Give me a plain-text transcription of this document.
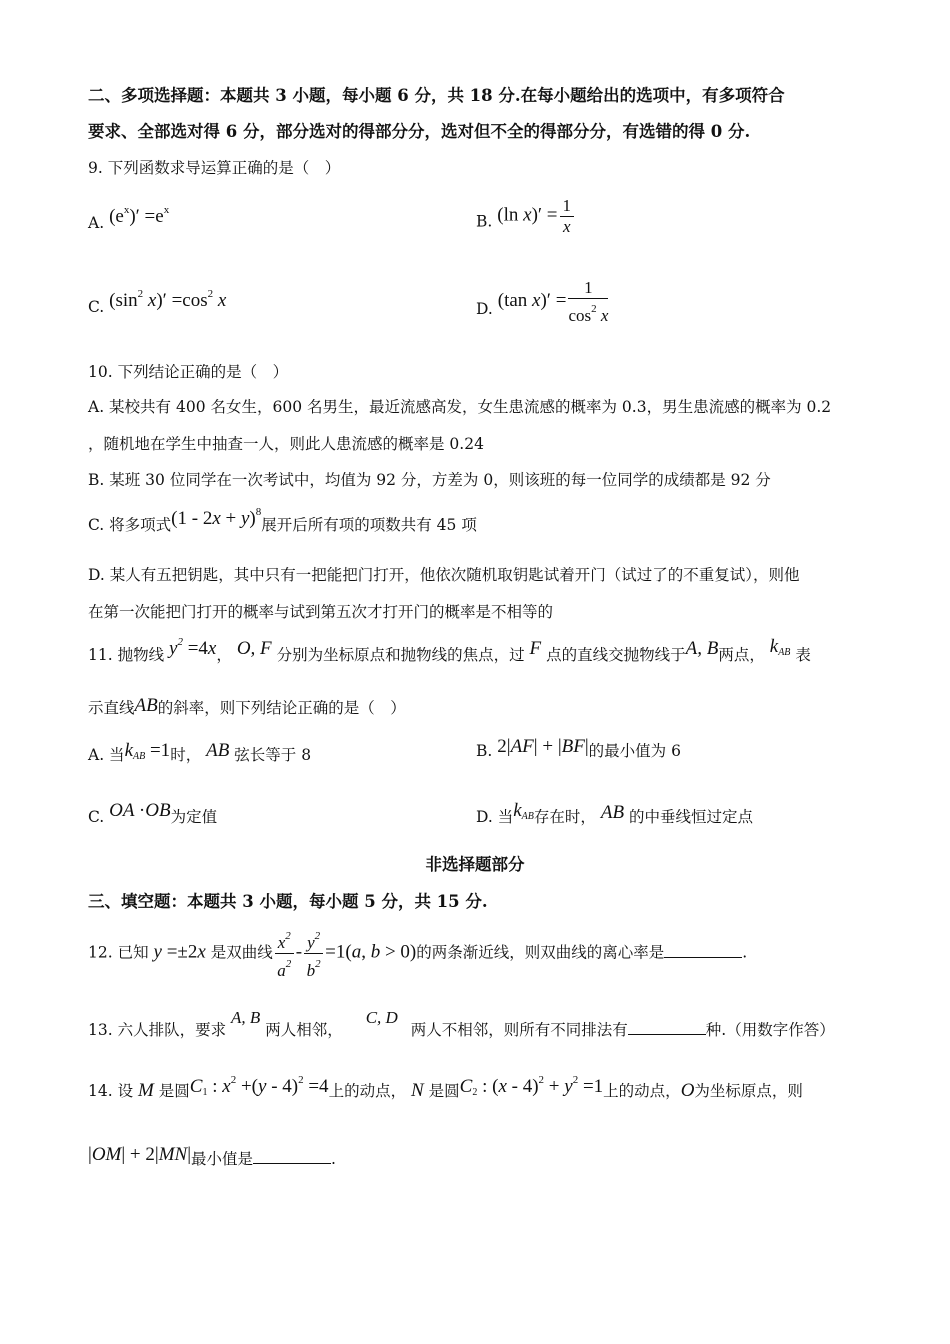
二、多项选择题：本题共 3 小题，每小题 6 分，共 18 分.在每小题给出的选项中，有多项符合
要求、全部选对得 6 分，部分选对的得部分分，选对但不全的得部分分，有选错的得 0 分.
9. 下列函数求导运算正确的是（　）
A. $(e^x)' =e^x$
B. (ln $x)' = \frac{1}{x}$
C. ($\sin^2$ $x)' =\cos^2$ x	D. (tan $x)' = \frac{1}{\cos^2 x}$
10. 下列结论正确的是（　）
A. 某校共有 400 名女生，600 名男生，最近流感高发，女生患流感的概率为 0.3，男生患流感的概率为 0.2
，随机地在学生中抽查一人，则此人患流感的概率是 0.24
B. 某班 30 位同学在一次考试中，均值为 92 分，方差为 0，则该班的每一位同学的成绩都是 92 分
C. 将多项式$(1 - 2x + y)^8$展开后所有项的项数共有 45 项
D. 某人有五把钥匙，其中只有一把能把门打开，他依次随机取钥匙试着开门（试过了的不重复试），则他
在第一次能把门打开的概率与试到第五次才打开门的概率是不相等的
11. 抛物线 $y^2 =4x$， O, F 分别为坐标原点和抛物线的焦点，过 F 点的直线交抛物线于A, B两点， $k_{AB}$ 表
示直线AB的斜率，则下列结论正确的是（　）
A. 当$k_{AB} =1$时， AB 弦长等于 8	B. 2|AF| + |BF|的最小值为 6
C. OA ·OB为定值	D. 当$k_{AB}$存在时， AB 的中垂线恒过定点
非选择题部分
三、填空题：本题共 3 小题，每小题 5 分，共 15 分.
12. 已知 y =±2x 是双曲线 $\frac{x^2}{a^2} - \frac{y^2}{b^2} =1(a$, b > 0)的两条渐近线，则双曲线的离心率是	.
13. 六人排队，要求 A, B 两人相邻， C, D 两人不相邻，则所有不同排法有	种.（用数字作答）
14. 设 M 是圆$C_1$ : $x^2 +(y - 4)^2 =4$上的动点， N 是圆$C_2$ : $(x - 4)^2 + y^2 =1$上的动点，O为坐标原点，则
|OM| + 2|MN|最小值是	.
